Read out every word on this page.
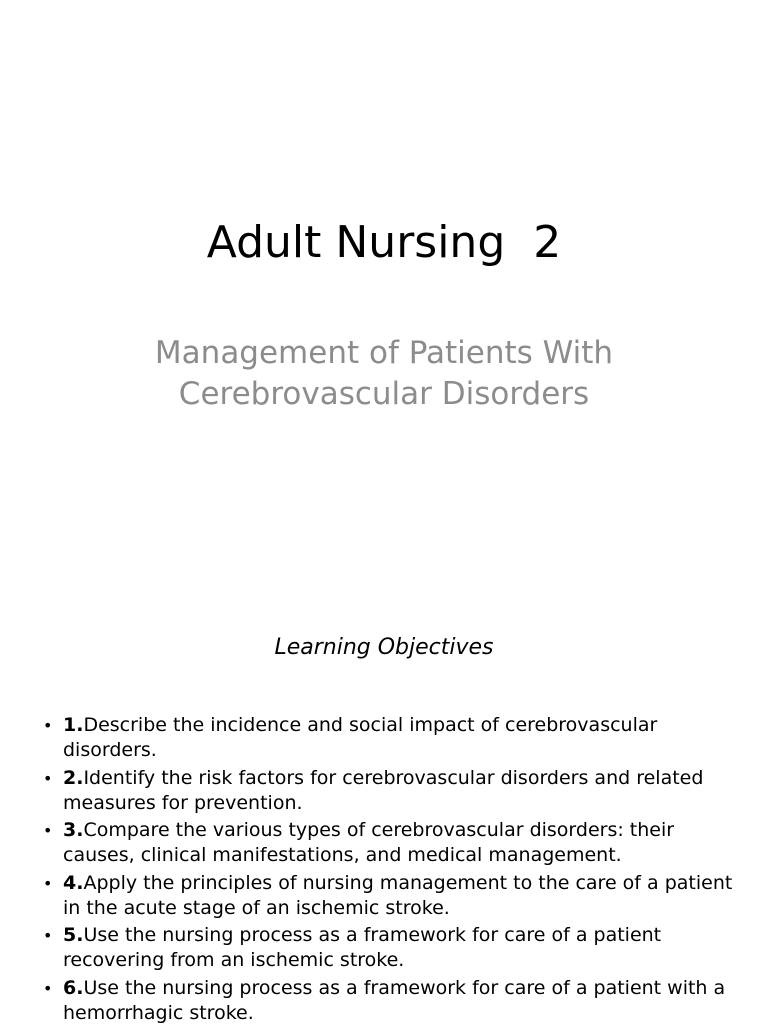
Adult Nursing  2
Management of Patients With Cerebrovascular Disorders
Learning Objectives
• 1.Describe the incidence and social impact of cerebrovascular disorders.
• 2.Identify the risk factors for cerebrovascular disorders and related measures for prevention.
• 3.Compare the various types of cerebrovascular disorders: their causes, clinical manifestations, and medical management.
• 4.Apply the principles of nursing management to the care of a patient in the acute stage of an ischemic stroke.
• 5.Use the nursing process as a framework for care of a patient recovering from an ischemic stroke.
• 6.Use the nursing process as a framework for care of a patient with a hemorrhagic stroke.
